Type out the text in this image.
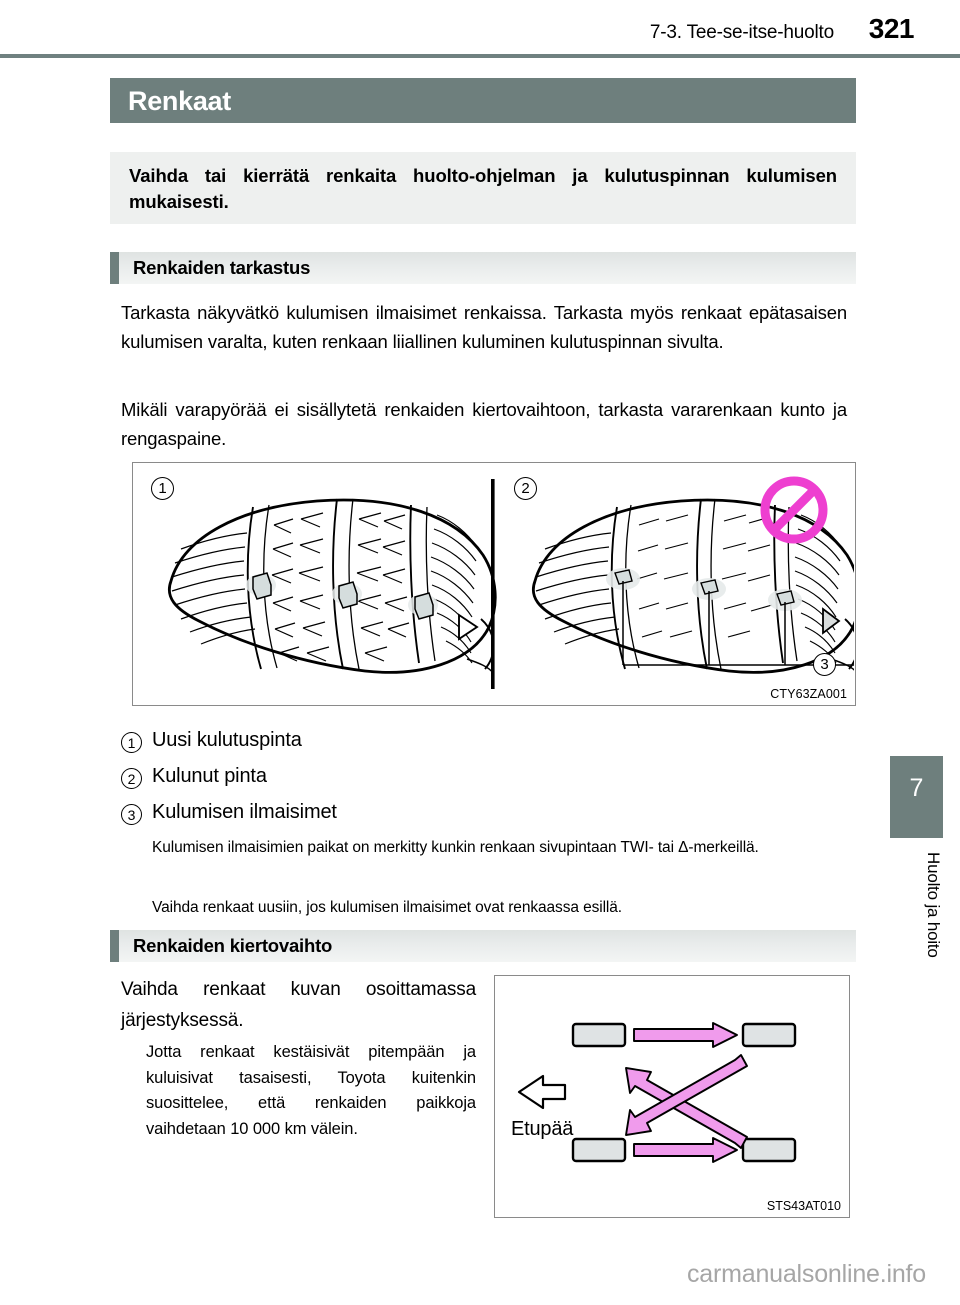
7-3. Tee-se-itse-huolto 321
Renkaat
Vaihda tai kierrätä renkaita huolto-ohjelman ja kulutuspinnan kulumisen mukaisesti.
Renkaiden tarkastus
Tarkasta näkyvätkö kulumisen ilmaisimet renkaissa. Tarkasta myös renkaat epätasaisen kulumisen varalta, kuten renkaan liiallinen kuluminen kulutuspinnan sivulta.
Mikäli varapyörää ei sisällytetä renkaiden kiertovaihtoon, tarkasta vararenkaan kunto ja rengaspaine.
1	2
3
CTY63ZA001
1 Uusi kulutuspinta
2 Kulunut pinta
3 Kulumisen ilmaisimet
Kulumisen ilmaisimien paikat on merkitty kunkin renkaan sivupintaan TWI- tai Δ-merkeillä.
Vaihda renkaat uusiin, jos kulumisen ilmaisimet ovat renkaassa esillä.
Renkaiden kiertovaihto
Vaihda renkaat kuvan osoittamassa järjestyksessä.
Jotta renkaat kestäisivät pitempään ja kuluisivat tasaisesti, Toyota kuitenkin suosittelee, että renkaiden paikkoja vaihdetaan 10 000 km välein.	Etupää
STS43AT010
7
Huolto ja hoito
carmanualsonline.info
